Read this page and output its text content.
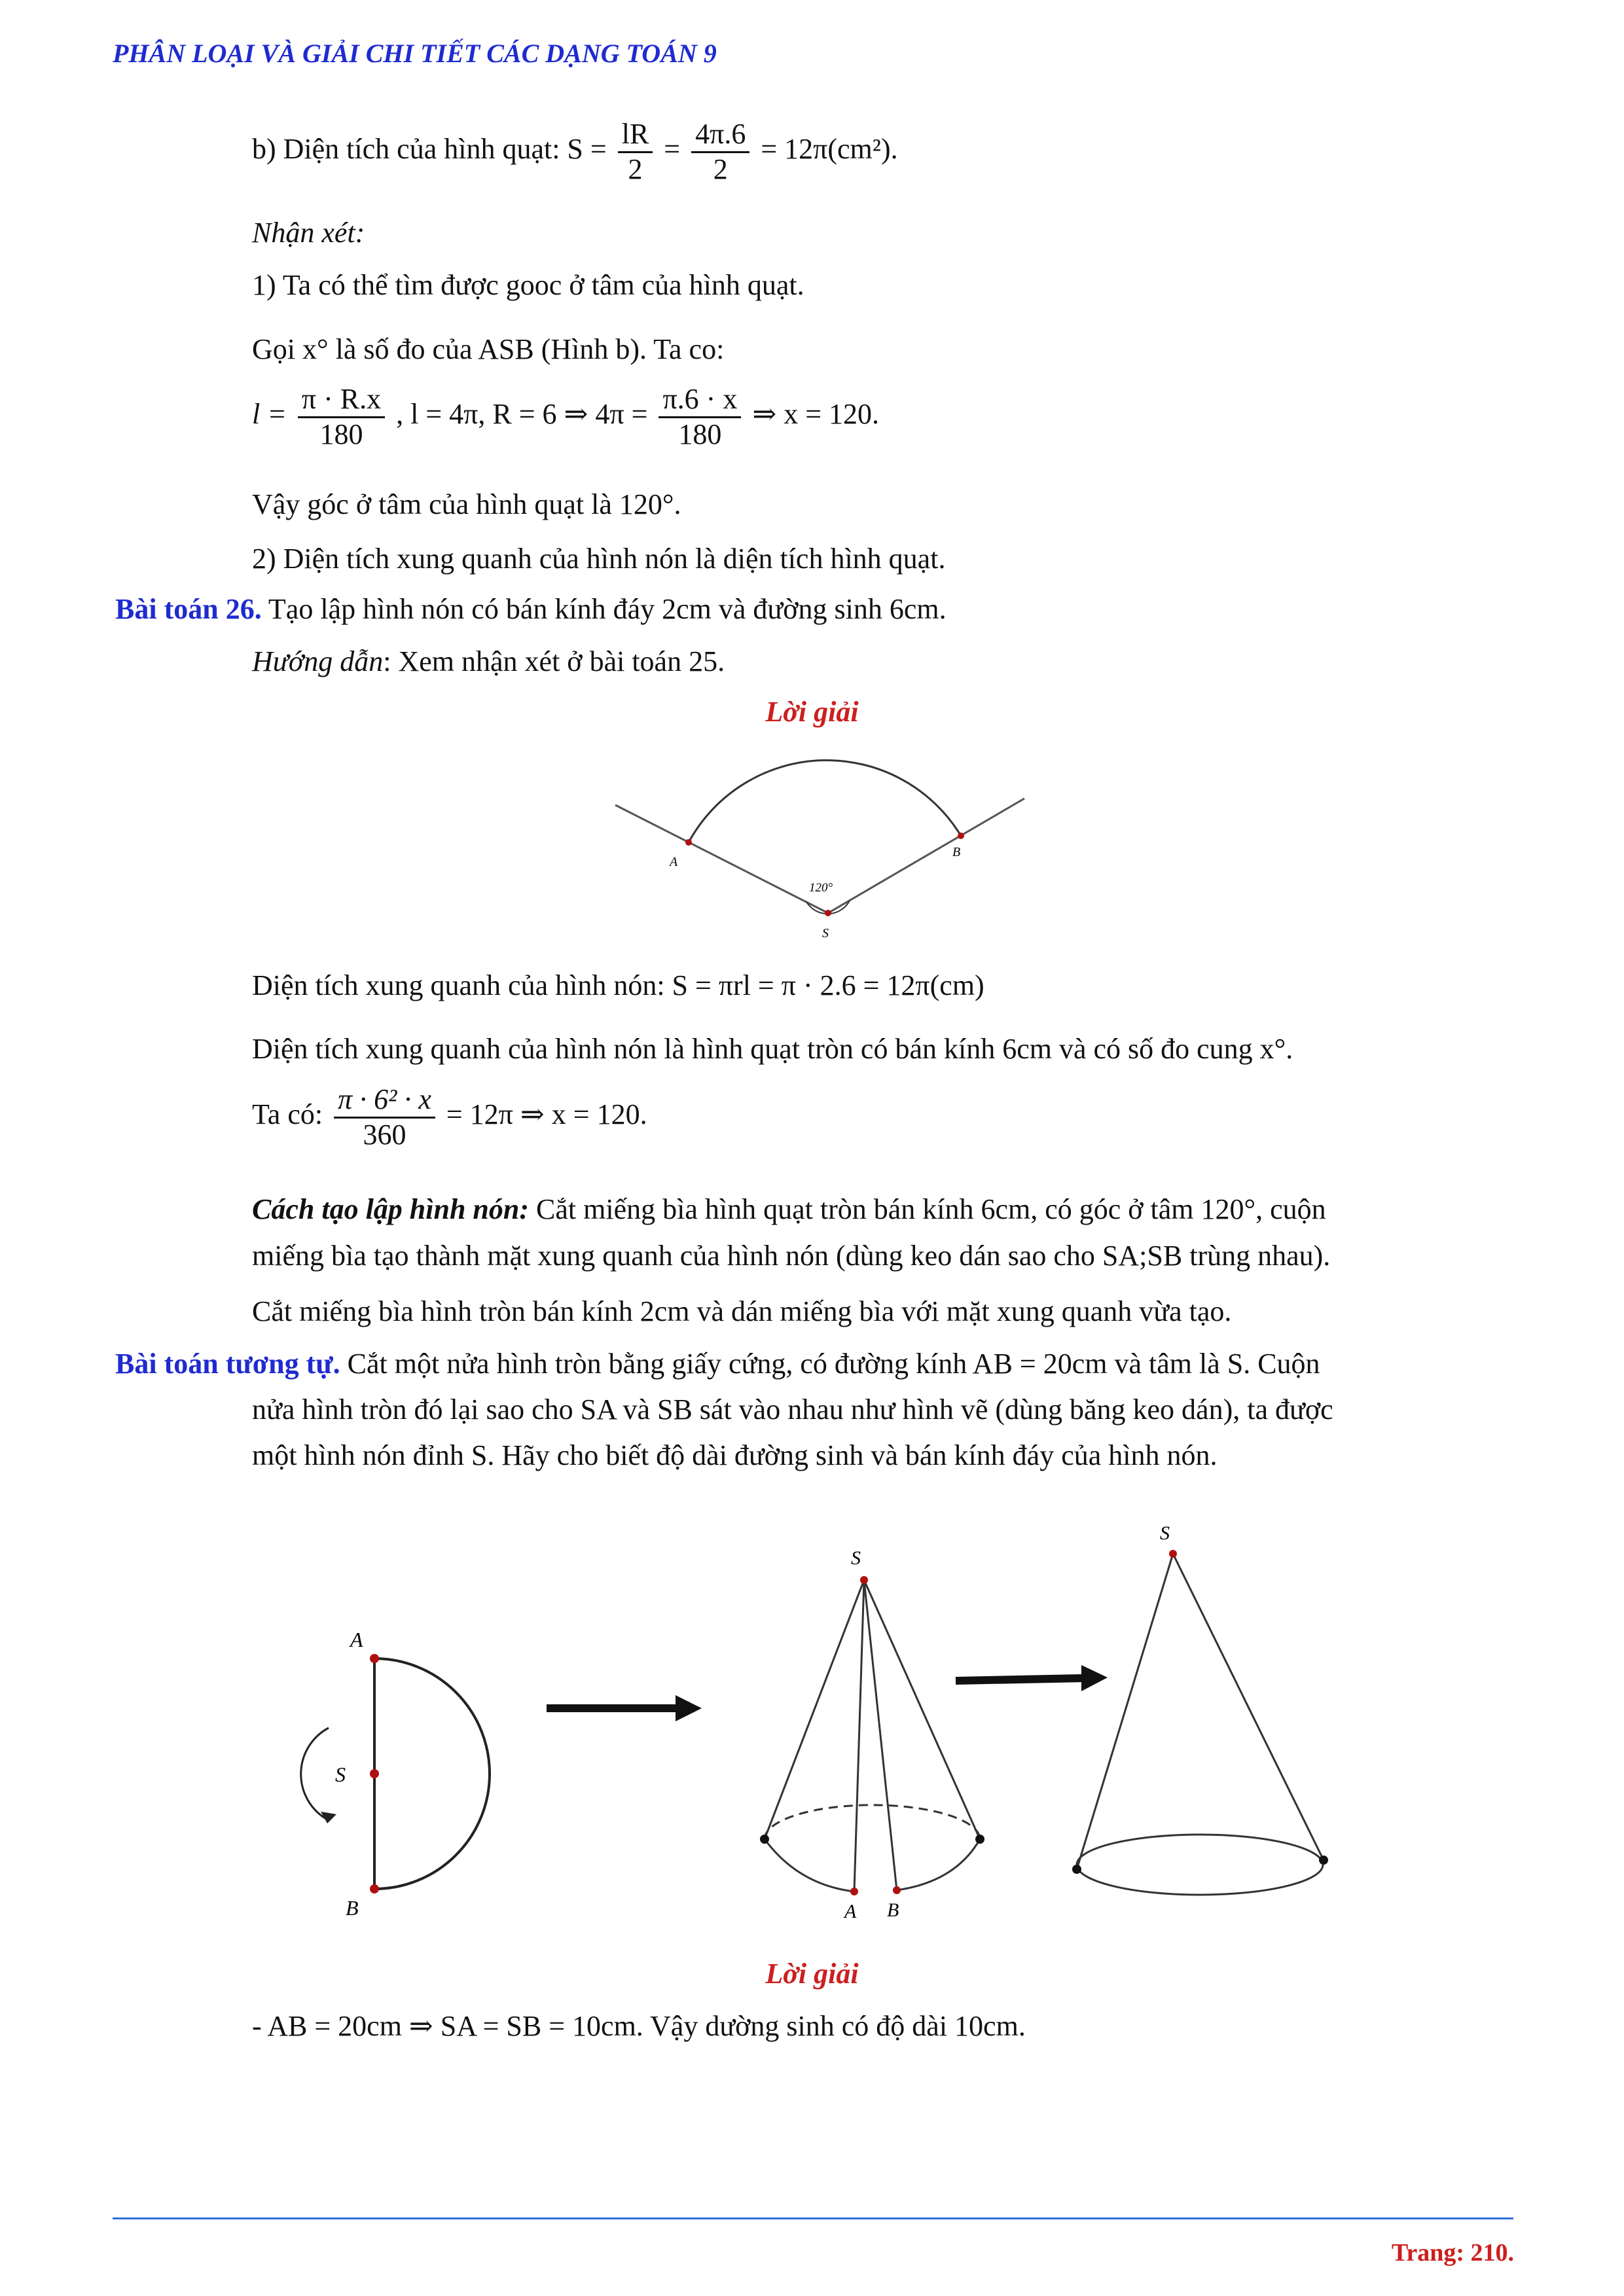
PHÂN LOẠI VÀ GIẢI CHI TIẾT CÁC DẠNG TOÁN 9
b) Diện tích của hình quạt: $S = \frac{lR}{2} = \frac{4\pi.6}{2} = 12\pi(cm^2)$.
Nhận xét:
1) Ta có thể tìm được gooc ở tâm của hình quạt.
Gọi x° là số đo của ASB (Hình b). Ta co:
$l = \frac{\pi \cdot R.x}{180}$ , l = 4π, R = 6 ⇒ $4\pi = \frac{\pi.6 \cdot x}{180}$ ⇒ x = 120.
Vậy góc ở tâm của hình quạt là 120°.
2) Diện tích xung quanh của hình nón là diện tích hình quạt.
Bài toán 26. Tạo lập hình nón có bán kính đáy 2cm và đường sinh 6cm.
Hướng dẫn: Xem nhận xét ở bài toán 25.
Lời giải
A
B
S
120°
Diện tích xung quanh của hình nón: S = πrl = π · 2.6 = 12π(cm)
Diện tích xung quanh của hình nón là hình quạt tròn có bán kính 6cm và có số đo cung x°.
Ta có: $\frac{\text{π · 6² · x}}{360} = 12\pi$ ⇒ x = 120.
Cách tạo lập hình nón: Cắt miếng bìa hình quạt tròn bán kính 6cm, có góc ở tâm 120°, cuộn
miếng bìa tạo thành mặt xung quanh của hình nón (dùng keo dán sao cho SA;SB trùng nhau).
Cắt miếng bìa hình tròn bán kính 2cm và dán miếng bìa với mặt xung quanh vừa tạo.
Bài toán tương tự. Cắt một nửa hình tròn bằng giấy cứng, có đường kính AB = 20cm và tâm là S. Cuộn
nửa hình tròn đó lại sao cho SA và SB sát vào nhau như hình vẽ (dùng băng keo dán), ta được
một hình nón đỉnh S. Hãy cho biết độ dài đường sinh và bán kính đáy của hình nón.
A
S
B
S
A B
S
Lời giải
- AB = 20cm ⇒ SA = SB = 10cm. Vậy dường sinh có độ dài 10cm.
Trang: 210.
